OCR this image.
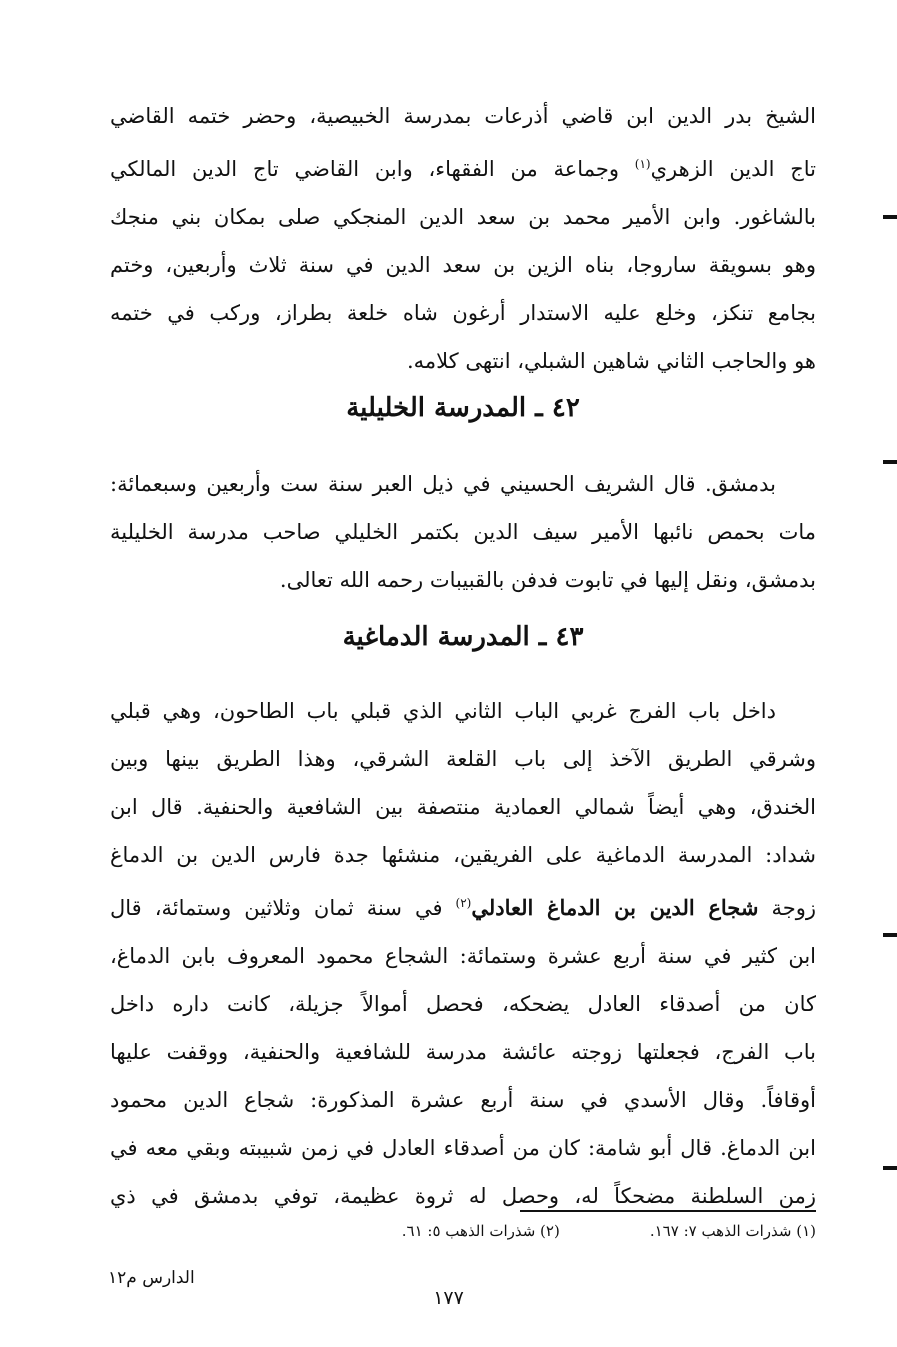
الشيخ بدر الدين ابن قاضي أذرعات بمدرسة الخبيصية، وحضر ختمه القاضي
تاج الدين الزهري$^{(١)}$ وجماعة من الفقهاء، وابن القاضي تاج الدين المالكي
بالشاغور. وابن الأمير محمد بن سعد الدين المنجكي صلى بمكان بني منجك
وهو بسويقة ساروجا، بناه الزين بن سعد الدين في سنة ثلاث وأربعين، وختم
بجامع تنكز، وخلع عليه الاستدار أرغون شاه خلعة بطراز، وركب في ختمه
هو والحاجب الثاني شاهين الشبلي، انتهى كلامه.
٤٢ ـ المدرسة الخليلية
بدمشق. قال الشريف الحسيني في ذيل العبر سنة ست وأربعين وسبعمائة:
مات بحمص نائبها الأمير سيف الدين بكتمر الخليلي صاحب مدرسة الخليلية
بدمشق، ونقل إليها في تابوت فدفن بالقبيبات رحمه الله تعالى.
٤٣ ـ المدرسة الدماغية
داخل باب الفرج غربي الباب الثاني الذي قبلي باب الطاحون، وهي قبلي
وشرقي الطريق الآخذ إلى باب القلعة الشرقي، وهذا الطريق بينها وبين
الخندق، وهي أيضاً شمالي العمادية منتصفة بين الشافعية والحنفية. قال ابن
شداد: المدرسة الدماغية على الفريقين، منشئها جدة فارس الدين بن الدماغ
زوجة شجاع الدين بن الدماغ العادلي$^{(٢)}$ في سنة ثمان وثلاثين وستمائة، قال
ابن كثير في سنة أربع عشرة وستمائة: الشجاع محمود المعروف بابن الدماغ،
كان من أصدقاء العادل يضحكه، فحصل أموالاً جزيلة، كانت داره داخل
باب الفرج، فجعلتها زوجته عائشة مدرسة للشافعية والحنفية، ووقفت عليها
أوقافاً. وقال الأسدي في سنة أربع عشرة المذكورة: شجاع الدين محمود
ابن الدماغ. قال أبو شامة: كان من أصدقاء العادل في زمن شبيبته وبقي معه في
زمن السلطنة مضحكاً له، وحصل له ثروة عظيمة، توفي بدمشق في ذي
(١) شذرات الذهب ٧: ١٦٧.
(٢) شذرات الذهب ٥: ٦١.
الدارس م١٢
١٧٧
